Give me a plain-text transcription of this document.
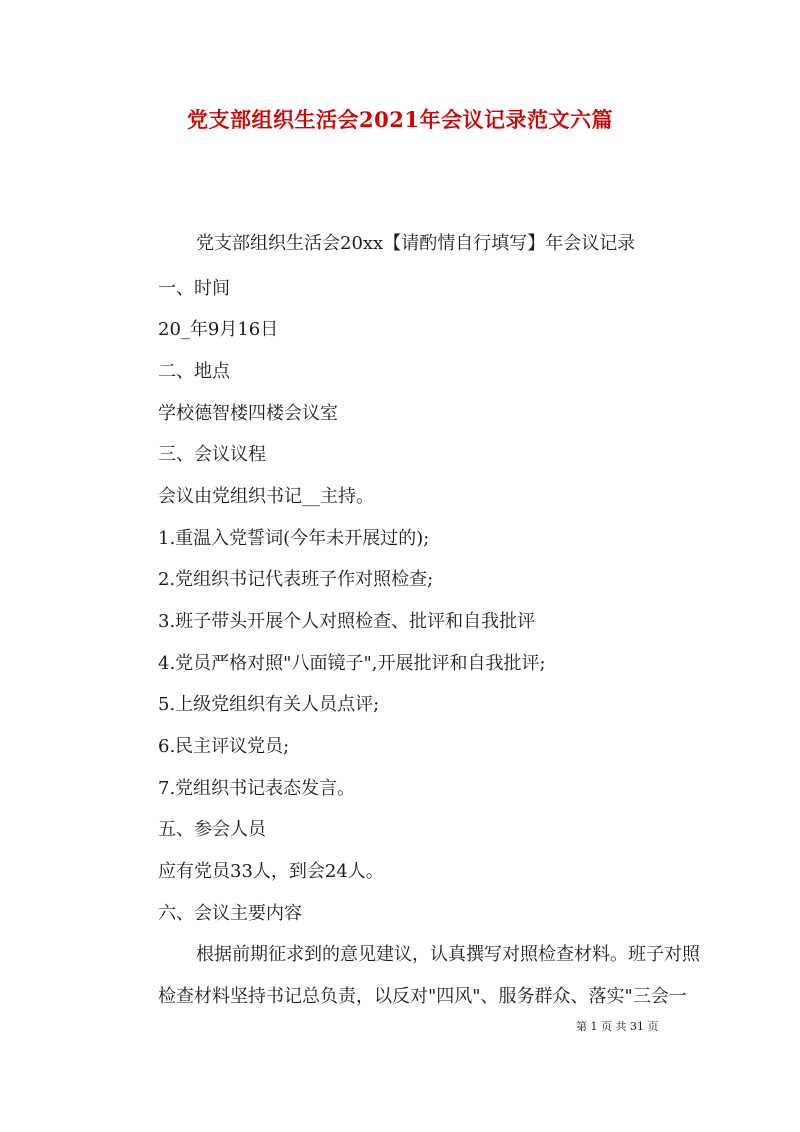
党支部组织生活会2021年会议记录范文六篇
党支部组织生活会20xx【请酌情自行填写】年会议记录
一、时间
20_年9月16日
二、地点
学校德智楼四楼会议室
三、会议议程
会议由党组织书记__主持。
1.重温入党誓词(今年未开展过的);
2.党组织书记代表班子作对照检查;
3.班子带头开展个人对照检查、批评和自我批评
4.党员严格对照"八面镜子",开展批评和自我批评;
5.上级党组织有关人员点评;
6.民主评议党员;
7.党组织书记表态发言。
五、参会人员
应有党员33人，到会24人。
六、会议主要内容
根据前期征求到的意见建议，认真撰写对照检查材料。班子对照
检查材料坚持书记总负责，以反对"四风"、服务群众、落实"三会一
第 1 页 共 31 页
